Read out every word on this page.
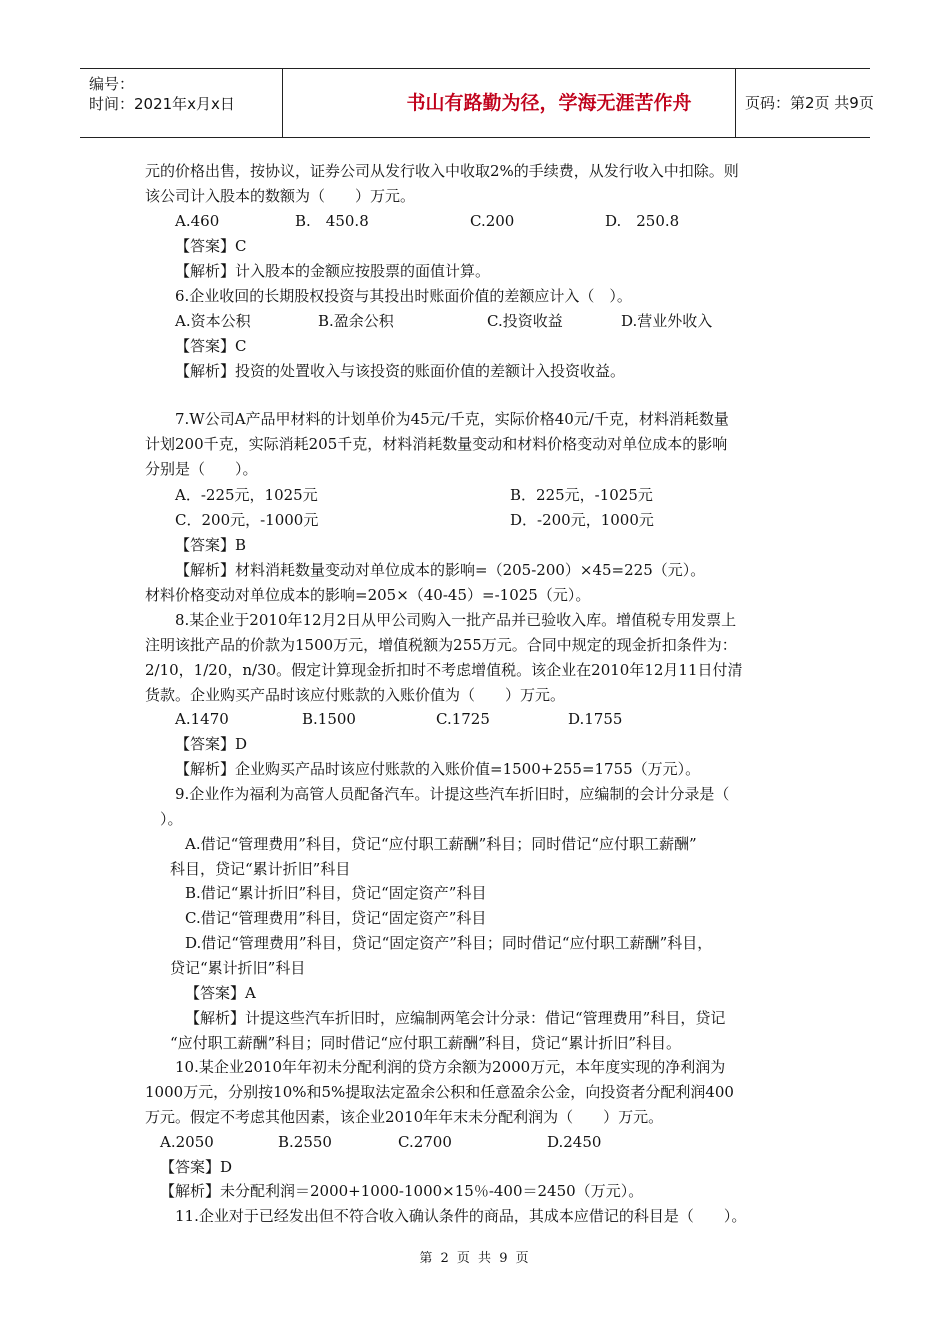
编号：
时间：2021年x月x日	书山有路勤为径，学海无涯苦作舟	页码：第2页 共9页
元的价格出售，按协议，证券公司从发行收入中收取2%的手续费，从发行收入中扣除。则
该公司计入股本的数额为（　　）万元。
A.460	B.　450.8	C.200	D.　250.8
【答案】C
【解析】计入股本的金额应按股票的面值计算。
6.企业收回的长期股权投资与其投出时账面价值的差额应计入（　）。
A.资本公积	B.盈余公积	C.投资收益	D.营业外收入
【答案】C
【解析】投资的处置收入与该投资的账面价值的差额计入投资收益。
7.W公司A产品甲材料的计划单价为45元/千克，实际价格40元/千克，材料消耗数量
计划200千克，实际消耗205千克，材料消耗数量变动和材料价格变动对单位成本的影响
分别是（　　）。
A．-225元，1025元	B．225元，-1025元
C．200元，-1000元	D．-200元，1000元
【答案】B
【解析】材料消耗数量变动对单位成本的影响=（205-200）×45=225（元）。
材料价格变动对单位成本的影响=205×（40-45）=-1025（元）。
8.某企业于2010年12月2日从甲公司购入一批产品并已验收入库。增值税专用发票上
注明该批产品的价款为1500万元，增值税额为255万元。合同中规定的现金折扣条件为：
2/10，1/20，n/30。假定计算现金折扣时不考虑增值税。该企业在2010年12月11日付清
货款。企业购买产品时该应付账款的入账价值为（　　）万元。
A.1470	B.1500	C.1725	D.1755
【答案】D
【解析】企业购买产品时该应付账款的入账价值=1500+255=1755（万元）。
9.企业作为福利为高管人员配备汽车。计提这些汽车折旧时，应编制的会计分录是（
）。
A.借记“管理费用”科目，贷记“应付职工薪酬”科目；同时借记“应付职工薪酬”
科目，贷记“累计折旧”科目
B.借记“累计折旧”科目，贷记“固定资产”科目
C.借记“管理费用”科目，贷记“固定资产”科目
D.借记“管理费用”科目，贷记“固定资产”科目；同时借记“应付职工薪酬”科目，
贷记“累计折旧”科目
【答案】A
【解析】计提这些汽车折旧时，应编制两笔会计分录：借记“管理费用”科目，贷记
“应付职工薪酬”科目；同时借记“应付职工薪酬”科目，贷记“累计折旧”科目。
10.某企业2010年年初未分配利润的贷方余额为2000万元，本年度实现的净利润为
1000万元，分别按10%和5%提取法定盈余公积和任意盈余公金，向投资者分配利润400
万元。假定不考虑其他因素，该企业2010年年末未分配利润为（　　）万元。
A.2050	B.2550	C.2700	D.2450
【答案】D
【解析】未分配利润＝2000+1000-1000×15％-400＝2450（万元）。
11.企业对于已经发出但不符合收入确认条件的商品，其成本应借记的科目是（　　）。
第 2 页 共 9 页
